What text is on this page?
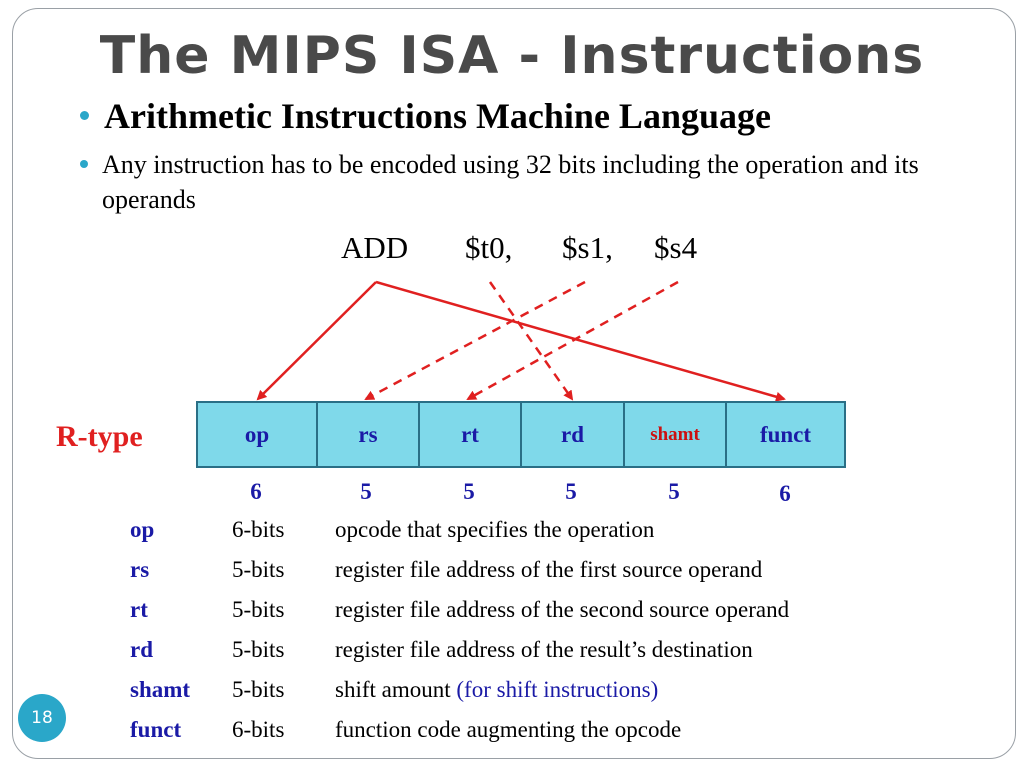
The MIPS ISA - Instructions
Arithmetic Instructions Machine Language
Any instruction has to be encoded using 32 bits including the operation and its operands
ADD $t0, $s1, $s4
R-type	op	rs	rt	rd	shamt	funct
6	5	5	5	5	6
op	6-bits opcode that specifies the operation
rs	5-bits register file address of the first source operand
rt	5-bits register file address of the second source operand
rd	5-bits register file address of the result’s destination
shamt 5-bits shift amount (for shift instructions)
funct 6-bits function code augmenting the opcode
18
